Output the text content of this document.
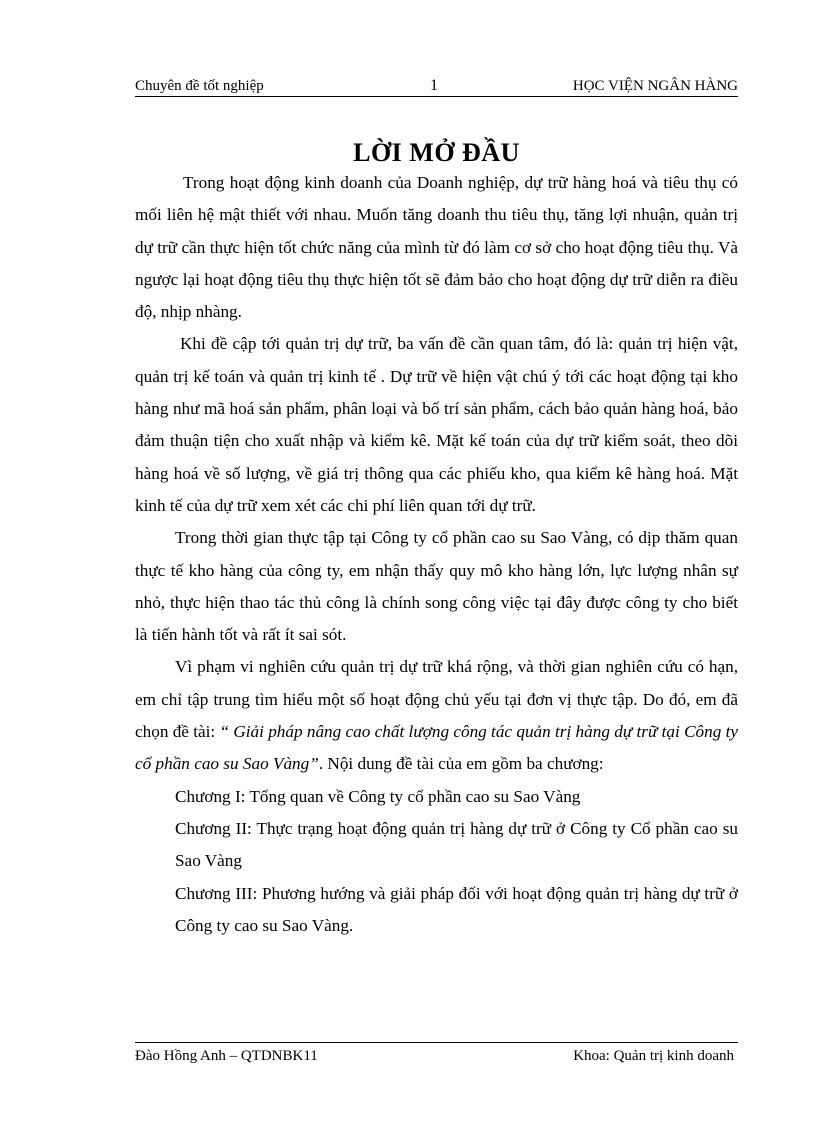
Chuyên đề tốt nghiệp	1	HỌC VIỆN NGÂN HÀNG
LỜI MỞ ĐẦU

Trong hoạt động kinh doanh của Doanh nghiệp, dự trữ hàng hoá và tiêu thụ có mối liên hệ mật thiết với nhau. Muốn tăng doanh thu tiêu thụ, tăng lợi nhuận, quản trị dự trữ cần thực hiện tốt chức năng của mình từ đó làm cơ sở cho hoạt động tiêu thụ. Và ngược lại hoạt động tiêu thụ thực hiện tốt sẽ đảm bảo cho hoạt động dự trữ diễn ra điều độ, nhịp nhàng.

Khi đề cập tới quản trị dự trữ, ba vấn đề cần quan tâm, đó là: quản trị hiện vật, quản trị kế toán và quản trị kinh tế . Dự trữ về hiện vật chú ý tới các hoạt động tại kho hàng như mã hoá sản phẩm, phân loại và bố trí sản phẩm, cách bảo quản hàng hoá, bảo đảm thuận tiện cho xuất nhập và kiểm kê. Mặt kế toán của dự trữ kiểm soát, theo dõi hàng hoá về số lượng, về giá trị thông qua các phiếu kho, qua kiểm kê hàng hoá. Mặt kinh tế của dự trữ xem xét các chi phí liên quan tới dự trữ.

Trong thời gian thực tập tại Công ty cổ phần cao su Sao Vàng, có dịp thăm quan thực tế kho hàng của công ty, em nhận thấy quy mô kho hàng lớn, lực lượng nhân sự nhỏ, thực hiện thao tác thủ công là chính song công việc tại đây được công ty cho biết là tiến hành tốt và rất ít sai sót.

Vì phạm vi nghiên cứu quản trị dự trữ khá rộng, và thời gian nghiên cứu có hạn, em chỉ tập trung tìm hiểu một số hoạt động chủ yếu tại đơn vị thực tập. Do đó, em đã chọn đề tài: “ Giải pháp nâng cao chất lượng công tác quản trị hàng dự trữ tại Công ty cổ phần cao su Sao Vàng”. Nội dung đề tài của em gồm ba chương:

Chương I: Tổng quan về Công ty cổ phần cao su Sao Vàng

Chương II: Thực trạng hoạt động quản trị hàng dự trữ ở Công ty Cổ phần cao su Sao Vàng

Chương III: Phương hướng và giải pháp đối với hoạt động quản trị hàng dự trữ ở Công ty cao su Sao Vàng.

Đào Hồng Anh – QTDNBK11	Khoa: Quản trị kinh doanh
